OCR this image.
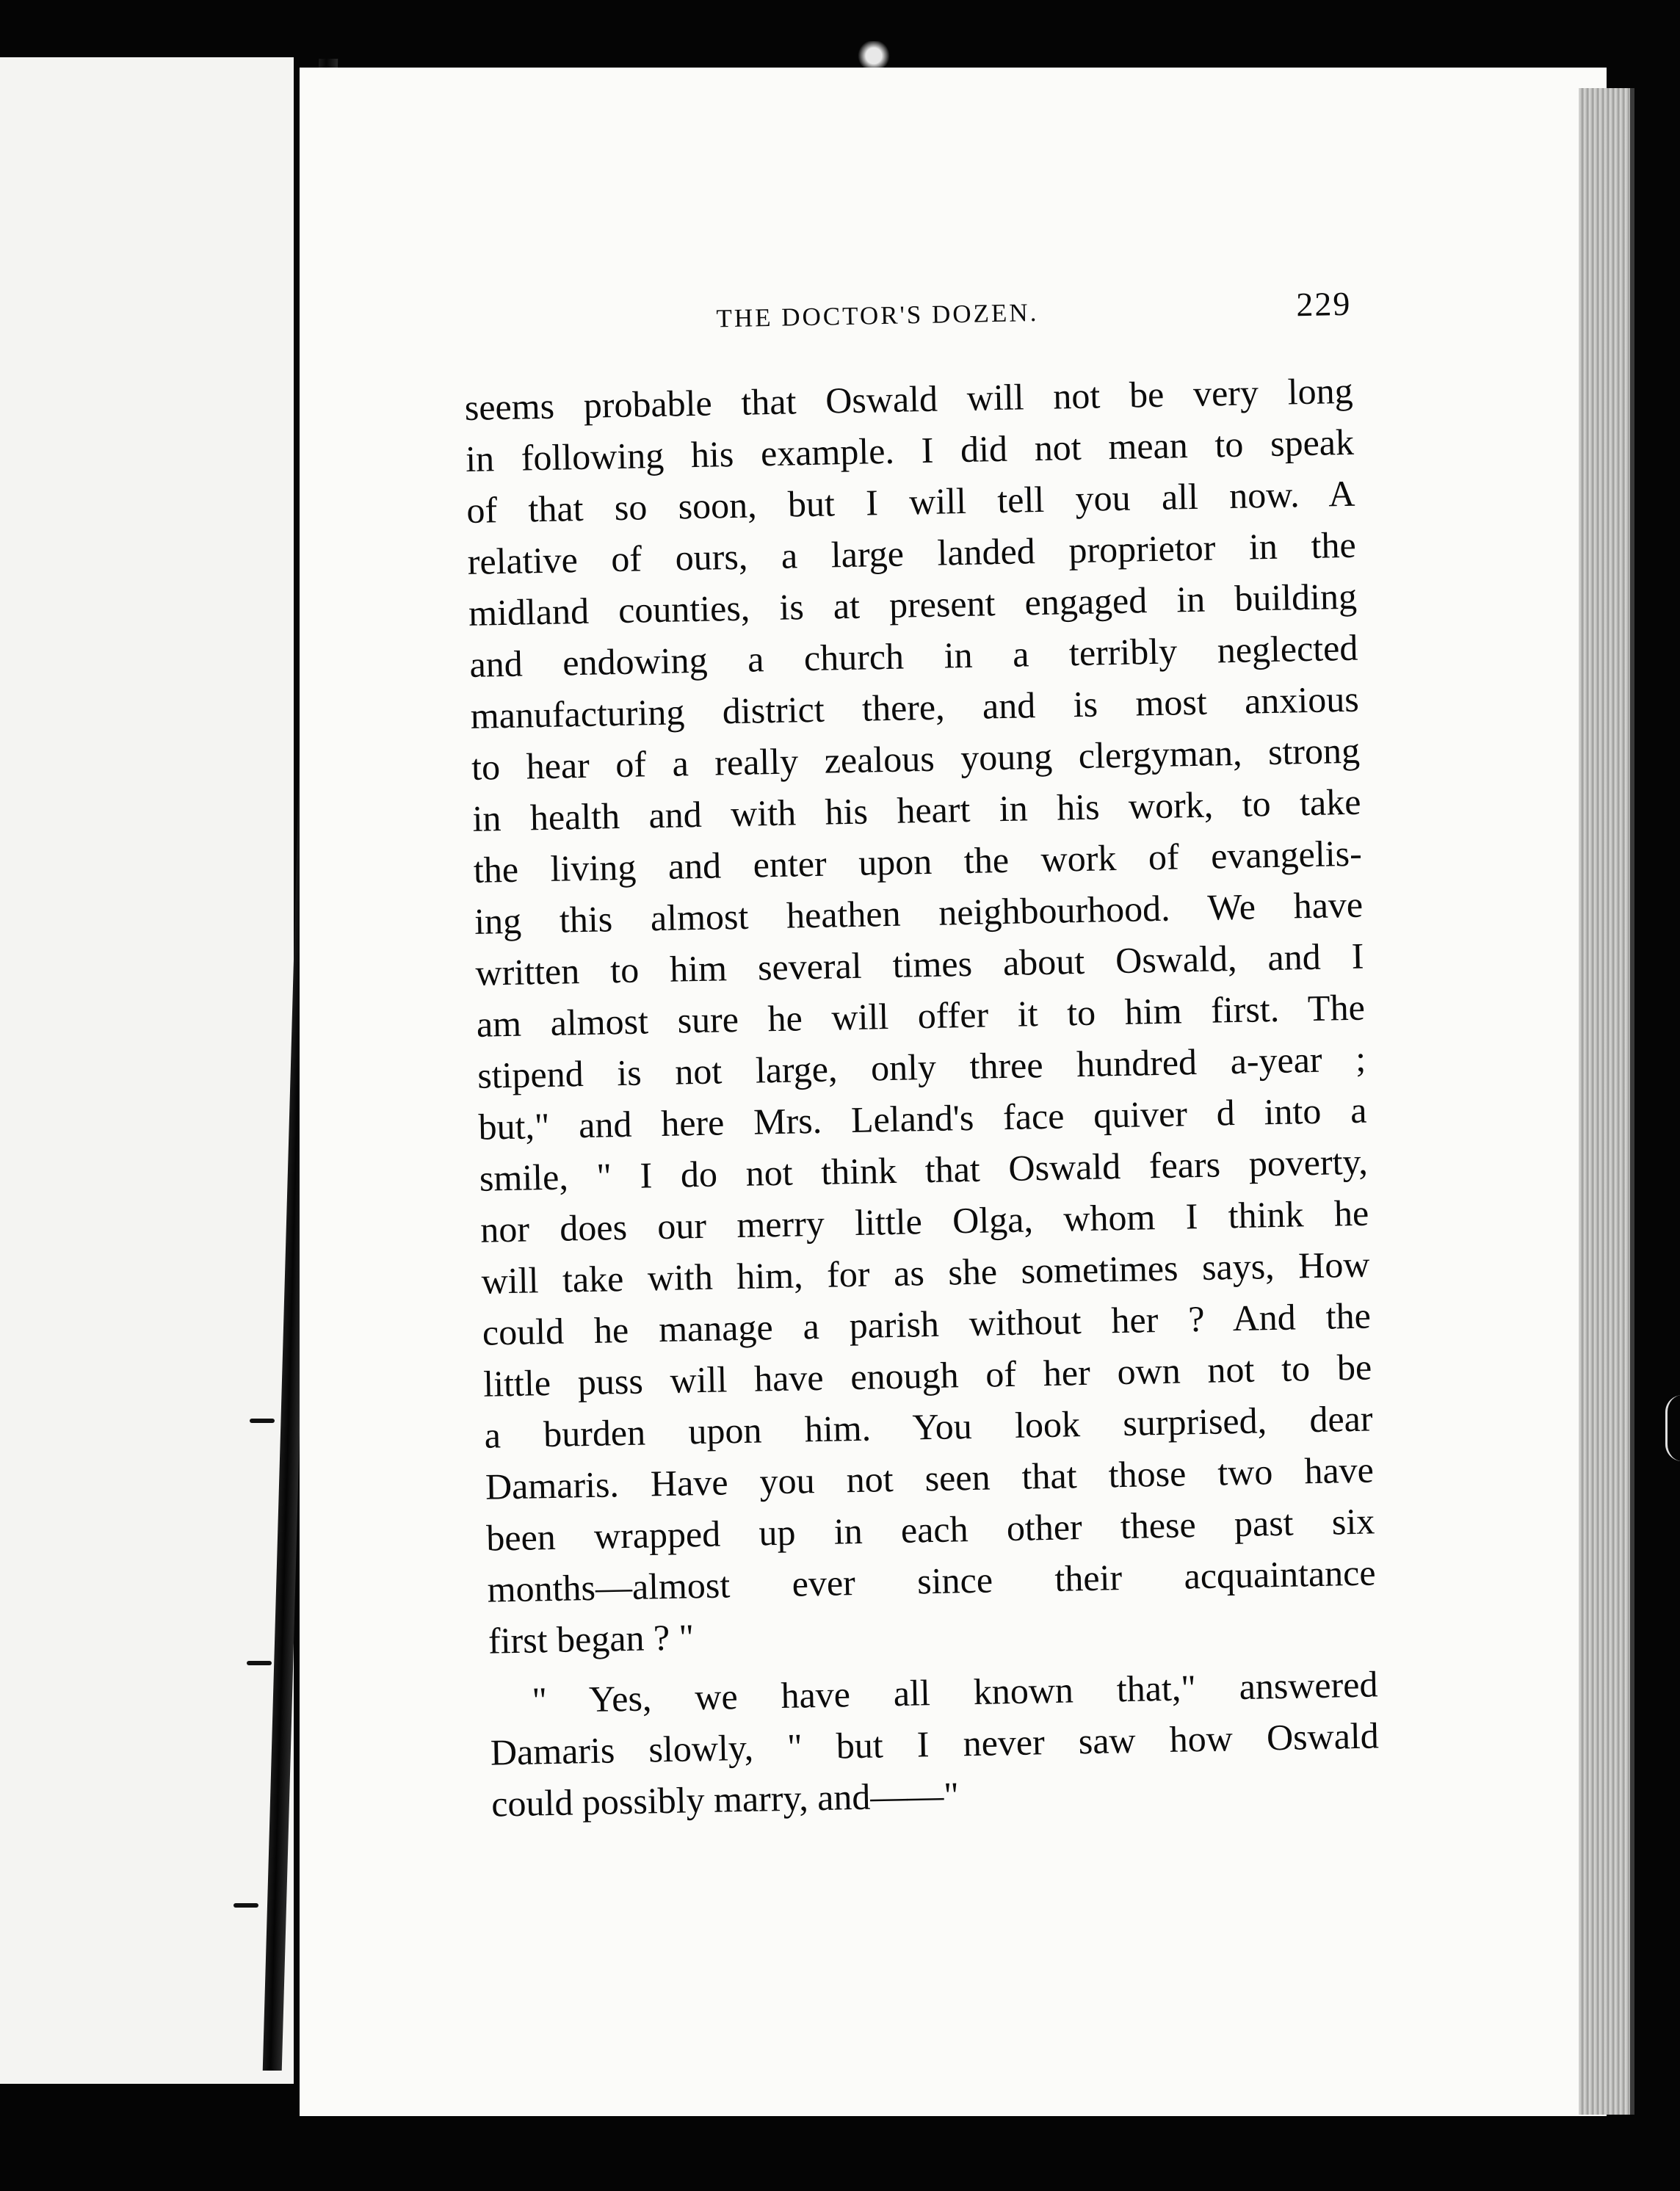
THE DOCTOR'S DOZEN.	229
seems probable that Oswald will not be very long
in following his example. I did not mean to speak
of that so soon, but I will tell you all now. A
relative of ours, a large landed proprietor in the
midland counties, is at present engaged in building
and endowing a church in a terribly neglected
manufacturing district there, and is most anxious
to hear of a really zealous young clergyman, strong
in health and with his heart in his work, to take
the living and enter upon the work of evangelis-
ing this almost heathen neighbourhood. We have
written to him several times about Oswald, and I
am almost sure he will offer it to him first. The
stipend is not large, only three hundred a-year ;
but," and here Mrs. Leland's face quiver d into a
smile, " I do not think that Oswald fears poverty,
nor does our merry little Olga, whom I think he
will take with him, for as she sometimes says, How
could he manage a parish without her ? And the
little puss will have enough of her own not to be
a burden upon him. You look surprised, dear
Damaris. Have you not seen that those two have
been wrapped up in each other these past six
months—almost ever since their acquaintance
first began ? "
" Yes, we have all known that," answered
Damaris slowly, " but I never saw how Oswald
could possibly marry, and——"
